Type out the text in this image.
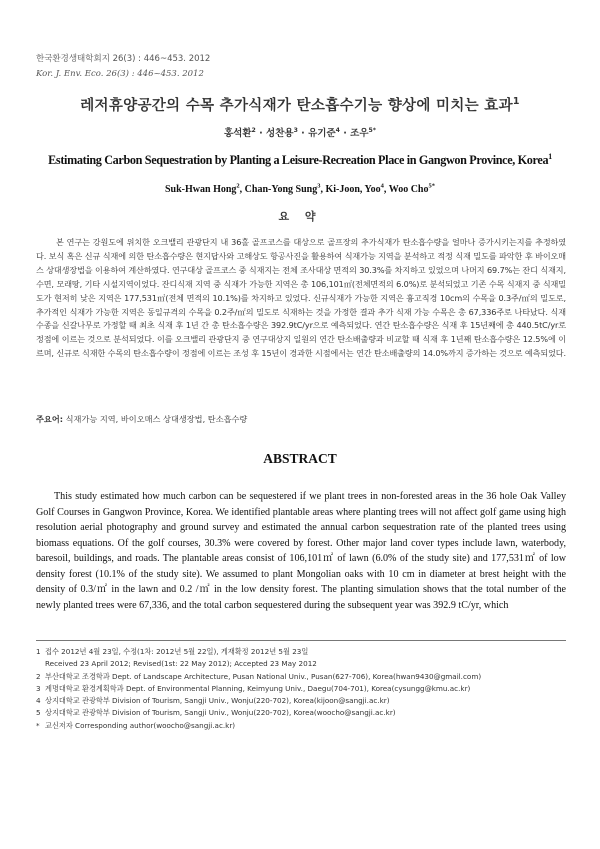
한국환경생태학회지 26(3) : 446~453. 2012
Kor. J. Env. Eco. 26(3) : 446~453. 2012
레저휴양공간의 수목 추가식재가 탄소흡수기능 향상에 미치는 효과$^1$
홍석환$^2$ · 성찬용$^3$ · 유기준$^4$ · 조우$^{5*}$
Estimating Carbon Sequestration by Planting a Leisure-Recreation Place in Gangwon Province, Korea$^1$
Suk-Hwan Hong$^2$, Chan-Yong Sung$^3$, Ki-Joon, Yoo$^4$, Woo Cho$^{5*}$
요 약

본 연구는 강원도에 위치한 오크밸리 관광단지 내 36홀 골프코스를 대상으로 골프장의 추가식재가 탄소흡수량을 얼마나 증가시키는지를 추정하였다. 보식 혹은 신규 식재에 의한 탄소흡수량은 현지답사와 고해상도 항공사진을 활용하여 식재가능 지역을 분석하고 적정 식재 밀도를 파악한 후 바이오매스 상대생장법을 이용하여 계산하였다. 연구대상 골프코스 중 식재지는 전체 조사대상 면적의 30.3%를 차지하고 있었으며 나머지 69.7%는 잔디 식재지, 수면, 모래땅, 기타 시설지역이었다. 잔디식재 지역 중 식재가 가능한 지역은 총 106,101㎡(전체면적의 6.0%)로 분석되었고 기존 수목 식재지 중 식재밀도가 현저히 낮은 지역은 177,531㎡(전체 면적의 10.1%)를 차지하고 있었다. 신규식재가 가능한 지역은 흉고직경 10cm의 수목을 0.3주/㎡의 밀도로, 추가적인 식재가 가능한 지역은 동일규격의 수목을 0.2주/㎡의 밀도로 식재하는 것을 가정한 결과 추가 식재 가능 수목은 총 67,336주로 나타났다. 식재수종을 신갈나무로 가정할 때 최초 식재 후 1년 간 총 탄소흡수량은 392.9tC/yr으로 예측되었다. 연간 탄소흡수량은 식재 후 15년째에 총 440.5tC/yr로 정점에 이르는 것으로 분석되었다. 이를 오크밸리 관광단지 중 연구대상지 일원의 연간 탄소배출량과 비교할 때 식재 후 1년째 탄소흡수량은 12.5%에 이르며, 신규로 식재한 수목의 탄소흡수량이 정점에 이르는 조성 후 15년이 경과한 시점에서는 연간 탄소배출량의 14.0%까지 증가하는 것으로 예측되었다.

주요어: 식재가능 지역, 바이오매스 상대생장법, 탄소흡수량
ABSTRACT

This study estimated how much carbon can be sequestered if we plant trees in non-forested areas in the 36 hole Oak Valley Golf Courses in Gangwon Province, Korea. We identified plantable areas where planting trees will not affect golf game using high resolution aerial photography and ground survey and estimated the annual carbon sequestration rate of the planted trees using biomass equations. Of the golf courses, 30.3% were covered by forest. Other major land cover types include lawn, waterbody, baresoil, buildings, and roads. The plantable areas consist of 106,101㎡ of lawn (6.0% of the study site) and 177,531㎡ of low density forest (10.1% of the study site). We assumed to plant Mongolian oaks with 10 cm in diameter at brest height with the density of 0.3/㎡ in the lawn and 0.2 /㎡ in the low density forest. The planting simulation shows that the total number of the newly planted trees were 67,336, and the total carbon sequestered during the subsequent year was 392.9 tC/yr, which

1 접수 2012년 4월 23일, 수정(1차: 2012년 5월 22일), 게재확정 2012년 5월 23일
Received 23 April 2012; Revised(1st: 22 May 2012); Accepted 23 May 2012
2 부산대학교 조경학과 Dept. of Landscape Architecture, Pusan National Univ., Pusan(627-706), Korea(hwan9430@gmail.com)
3 계명대학교 환경계획학과 Dept. of Environmental Planning, Keimyung Univ., Daegu(704-701), Korea(cysungg@kmu.ac.kr)
4 상지대학교 관광학부 Division of Tourism, Sangji Univ., Wonju(220-702), Korea(kijoon@sangji.ac.kr)
5 상지대학교 관광학부 Division of Tourism, Sangji Univ., Wonju(220-702), Korea(woocho@sangji.ac.kr)
* 교신저자 Corresponding author(woocho@sangji.ac.kr)
